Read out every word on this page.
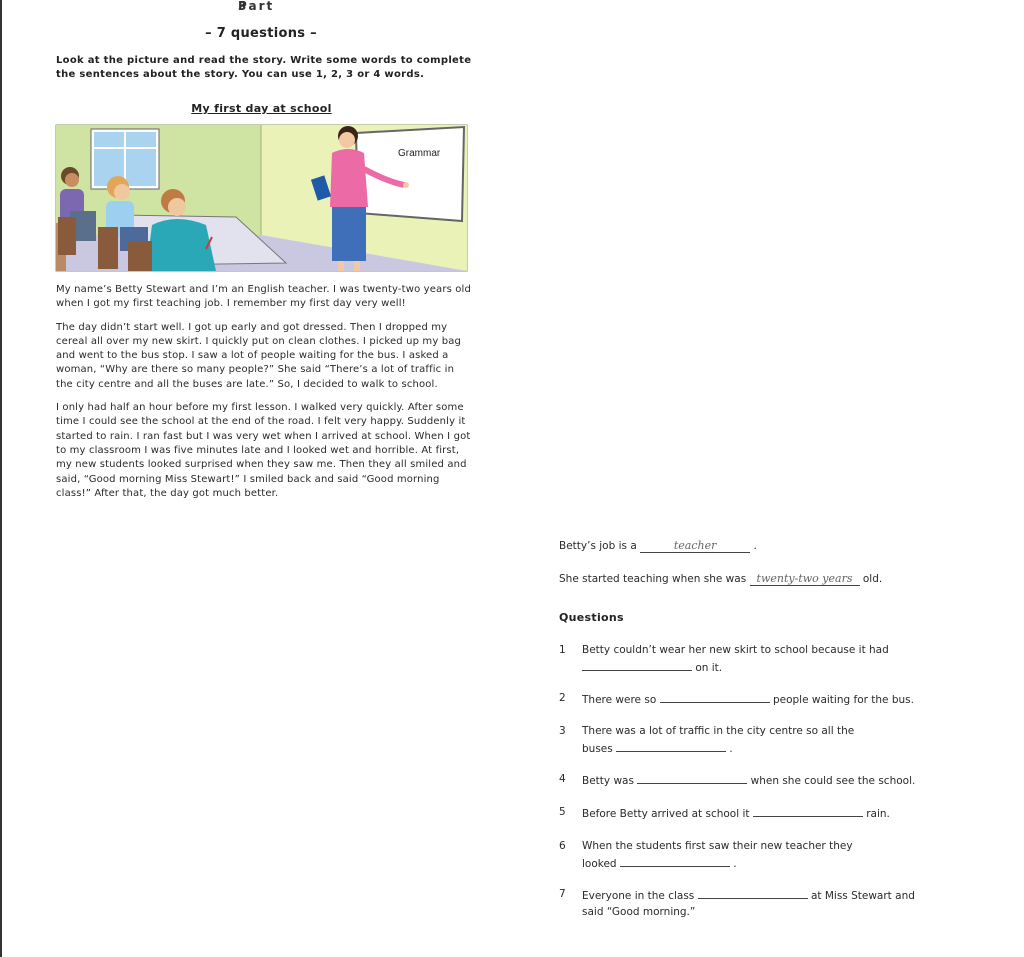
Part 3
– 7 questions –
Look at the picture and read the story. Write some words to complete the sentences about the story. You can use 1, 2, 3 or 4 words.
My first day at school
Grammar

My name’s Betty Stewart and I’m an English teacher. I was twenty-two years old when I got my first teaching job. I remember my first day very well!

The day didn’t start well. I got up early and got dressed. Then I dropped my cereal all over my new skirt. I quickly put on clean clothes. I picked up my bag and went to the bus stop. I saw a lot of people waiting for the bus. I asked a woman, “Why are there so many people?” She said “There’s a lot of traffic in the city centre and all the buses are late.” So, I decided to walk to school.

I only had half an hour before my first lesson. I walked very quickly. After some time I could see the school at the end of the road. I felt very happy. Suddenly it started to rain. I ran fast but I was very wet when I arrived at school. When I got to my classroom I was five minutes late and I looked wet and horrible. At first, my new students looked surprised when they saw me. Then they all smiled and said, “Good morning Miss Stewart!” I smiled back and said “Good morning class!” After that, the day got much better.

Betty’s job is a	teacher	.
She started teaching when she was twenty-two years old.
Questions
1 Betty couldn’t wear her new skirt to school because it had
on it.
2 There were so	people waiting for the bus.
3 There was a lot of traffic in the city centre so all the
buses	.
4 Betty was	when she could see the school.
5 Before Betty arrived at school it	rain.
6 When the students first saw their new teacher they
looked	.
7 Everyone in the class	at Miss Stewart and
said “Good morning.”
